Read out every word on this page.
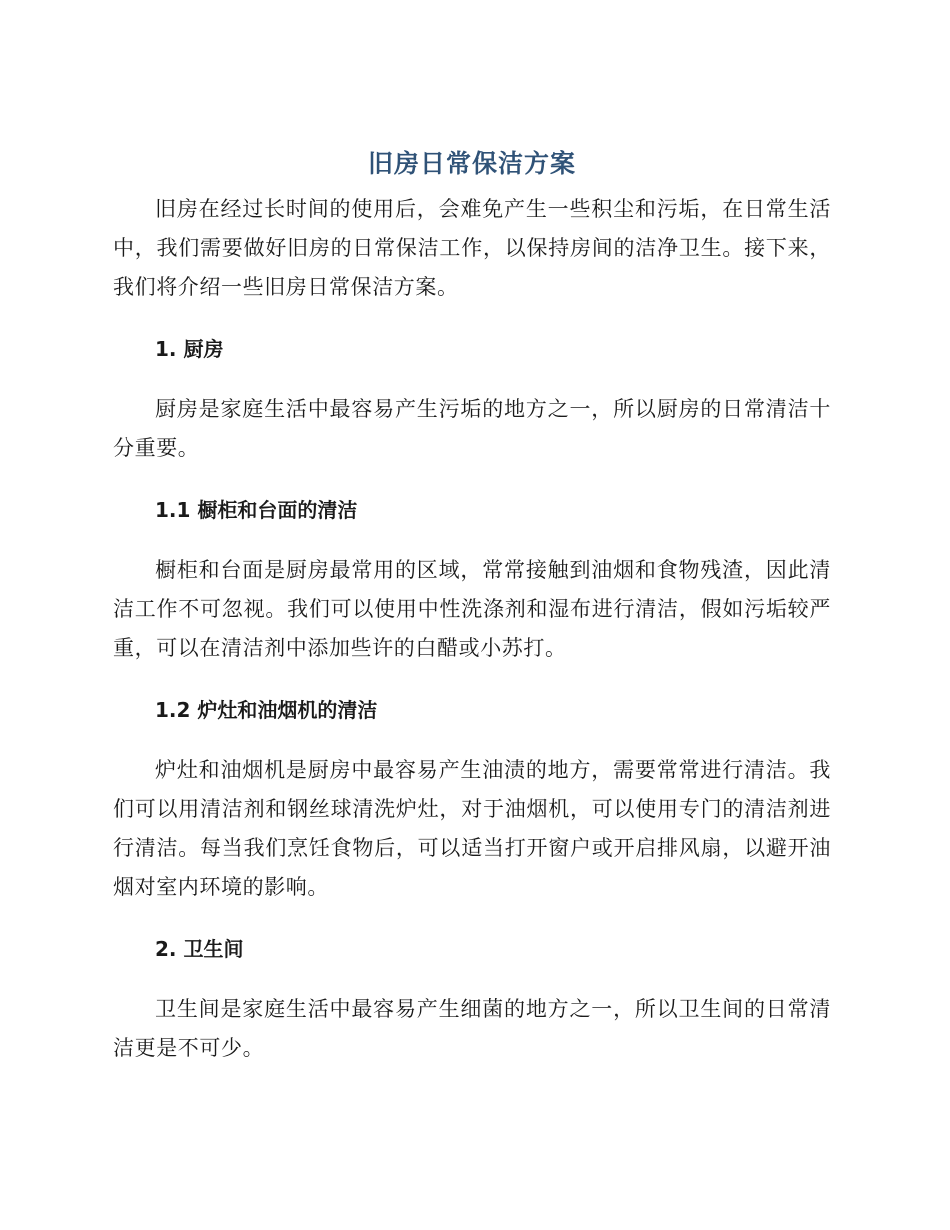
旧房日常保洁方案

旧房在经过长时间的使用后，会难免产生一些积尘和污垢，在日常生活中，我们需要做好旧房的日常保洁工作，以保持房间的洁净卫生。接下来，我们将介绍一些旧房日常保洁方案。

1. 厨房

厨房是家庭生活中最容易产生污垢的地方之一，所以厨房的日常清洁十分重要。

1.1 橱柜和台面的清洁

橱柜和台面是厨房最常用的区域，常常接触到油烟和食物残渣，因此清洁工作不可忽视。我们可以使用中性洗涤剂和湿布进行清洁，假如污垢较严重，可以在清洁剂中添加些许的白醋或小苏打。

1.2 炉灶和油烟机的清洁

炉灶和油烟机是厨房中最容易产生油渍的地方，需要常常进行清洁。我们可以用清洁剂和钢丝球清洗炉灶，对于油烟机，可以使用专门的清洁剂进行清洁。每当我们烹饪食物后，可以适当打开窗户或开启排风扇，以避开油烟对室内环境的影响。

2. 卫生间

卫生间是家庭生活中最容易产生细菌的地方之一，所以卫生间的日常清洁更是不可少。
